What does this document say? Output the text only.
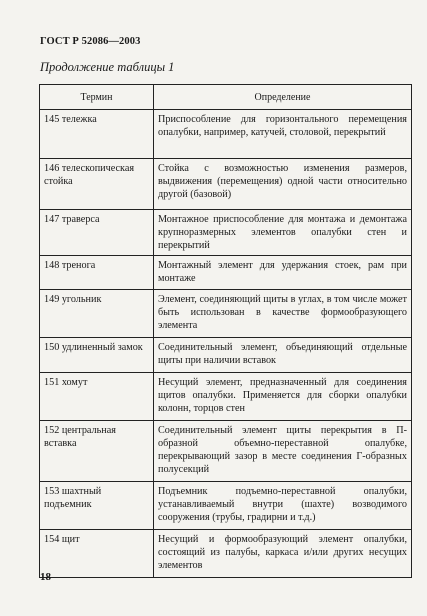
ГОСТ Р 52086—2003
Продолжение таблицы 1
Термин	Определение
145 тележка	Приспособление для горизонтального перемещения опалубки, например, катучей, столовой, перекрытий
146 телескопическая стойка	Стойка с возможностью изменения размеров, выдвижения (перемещения) одной части относительно другой (базовой)
147 траверса	Монтажное приспособление для монтажа и демонтажа крупноразмерных элементов опалубки стен и перекрытий
148 тренога	Монтажный элемент для удержания стоек, рам при монтаже
149 угольник	Элемент, соединяющий щиты в углах, в том числе может быть использован в качестве формообразующего элемента
150 удлиненный замок	Соединительный элемент, объединяющий отдельные щиты при наличии вставок
151 хомут	Несущий элемент, предназначенный для соединения щитов опалубки. Применяется для сборки опалубки колонн, торцов стен
152 центральная вставка	Соединительный элемент щиты перекрытия в П-образной объемно-переставной опалубке, перекрывающий зазор в месте соединения Г-образных полусекций
153 шахтный подъемник	Подъемник подъемно-переставной опалубки, устанавливаемый внутри (шахте) возводимого сооружения (трубы, градирни и т.д.)
154 щит	Несущий и формообразующий элемент опалубки, состоящий из палубы, каркаса и/или других несущих элементов
18
